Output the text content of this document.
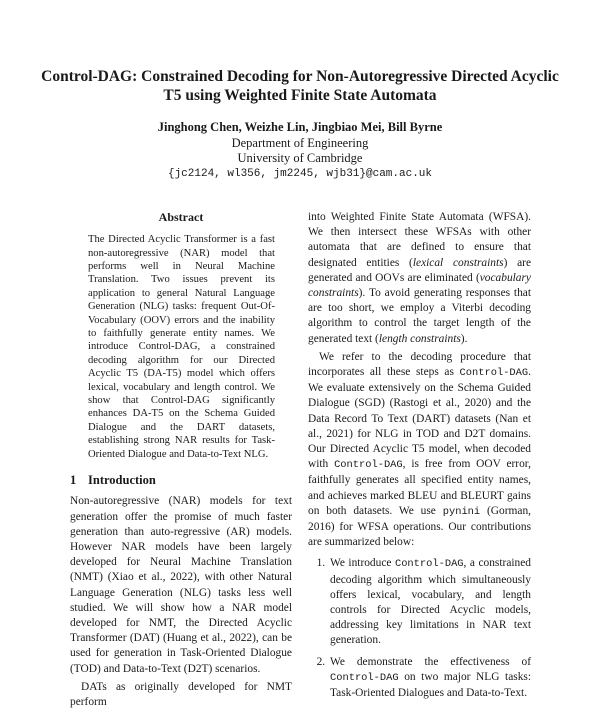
Control-DAG: Constrained Decoding for Non-Autoregressive Directed Acyclic T5 using Weighted Finite State Automata
Jinghong Chen, Weizhe Lin, Jingbiao Mei, Bill Byrne
Department of Engineering
University of Cambridge
{jc2124, wl356, jm2245, wjb31}@cam.ac.uk
Abstract

The Directed Acyclic Transformer is a fast non-autoregressive (NAR) model that performs well in Neural Machine Translation. Two issues prevent its application to general Natural Language Generation (NLG) tasks: frequent Out-Of-Vocabulary (OOV) errors and the inability to faithfully generate entity names. We introduce Control-DAG, a constrained decoding algorithm for our Directed Acyclic T5 (DA-T5) model which offers lexical, vocabulary and length control. We show that Control-DAG significantly enhances DA-T5 on the Schema Guided Dialogue and the DART datasets, establishing strong NAR results for Task-Oriented Dialogue and Data-to-Text NLG.

1 Introduction

Non-autoregressive (NAR) models for text generation offer the promise of much faster generation than auto-regressive (AR) models. However NAR models have been largely developed for Neural Machine Translation (NMT) (Xiao et al., 2022), with other Natural Language Generation (NLG) tasks less well studied. We will show how a NAR model developed for NMT, the Directed Acyclic Transformer (DAT) (Huang et al., 2022), can be used for generation in Task-Oriented Dialogue (TOD) and Data-to-Text (D2T) scenarios.

DATs as originally developed for NMT perform

into Weighted Finite State Automata (WFSA). We then intersect these WFSAs with other automata that are defined to ensure that designated entities (lexical constraints) are generated and OOVs are eliminated (vocabulary constraints). To avoid generating responses that are too short, we employ a Viterbi decoding algorithm to control the target length of the generated text (length constraints).

We refer to the decoding procedure that incorporates all these steps as Control-DAG. We evaluate extensively on the Schema Guided Dialogue (SGD) (Rastogi et al., 2020) and the Data Record To Text (DART) datasets (Nan et al., 2021) for NLG in TOD and D2T domains. Our Directed Acyclic T5 model, when decoded with Control-DAG, is free from OOV error, faithfully generates all specified entity names, and achieves marked BLEU and BLEURT gains on both datasets. We use pynini (Gorman, 2016) for WFSA operations. Our contributions are summarized below:

1. We introduce Control-DAG, a constrained decoding algorithm which simultaneously offers lexical, vocabulary, and length controls for Directed Acyclic models, addressing key limitations in NAR text generation.
2. We demonstrate the effectiveness of Control-DAG on two major NLG tasks: Task-Oriented Dialogues and Data-to-Text.
